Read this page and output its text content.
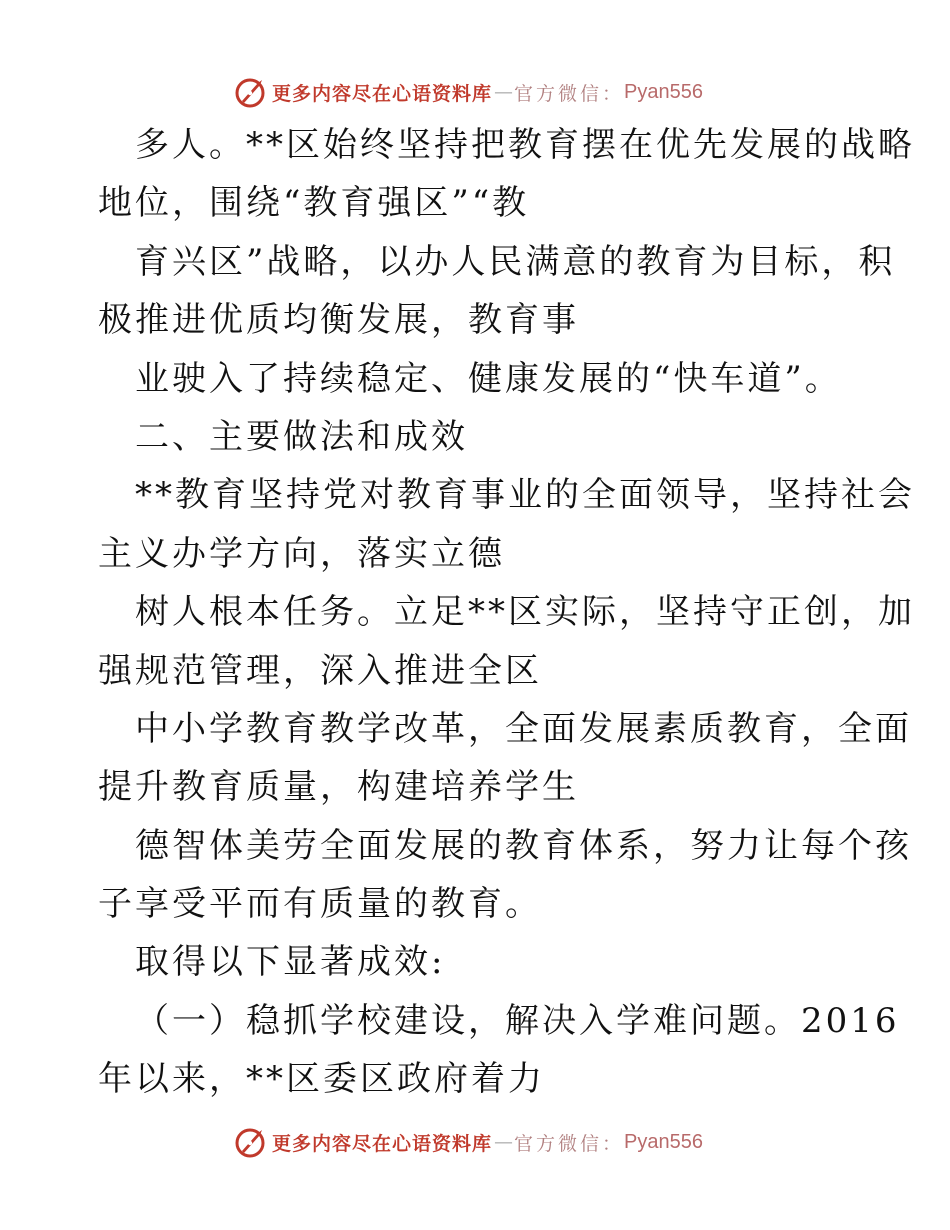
更多内容尽在心语资料库 — 官方微信： Pyan556
多人。**区始终坚持把教育摆在优先发展的战略
地位，围绕“教育强区”“教
育兴区”战略，以办人民满意的教育为目标，积
极推进优质均衡发展，教育事
业驶入了持续稳定、健康发展的“快车道”。
二、主要做法和成效
**教育坚持党对教育事业的全面领导，坚持社会
主义办学方向，落实立德
树人根本任务。立足**区实际，坚持守正创，加
强规范管理，深入推进全区
中小学教育教学改革，全面发展素质教育，全面
提升教育质量，构建培养学生
德智体美劳全面发展的教育体系，努力让每个孩
子享受平而有质量的教育。
取得以下显著成效:
（一）稳抓学校建设，解决入学难问题。2016
年以来，**区委区政府着力
更多内容尽在心语资料库 — 官方微信： Pyan556
